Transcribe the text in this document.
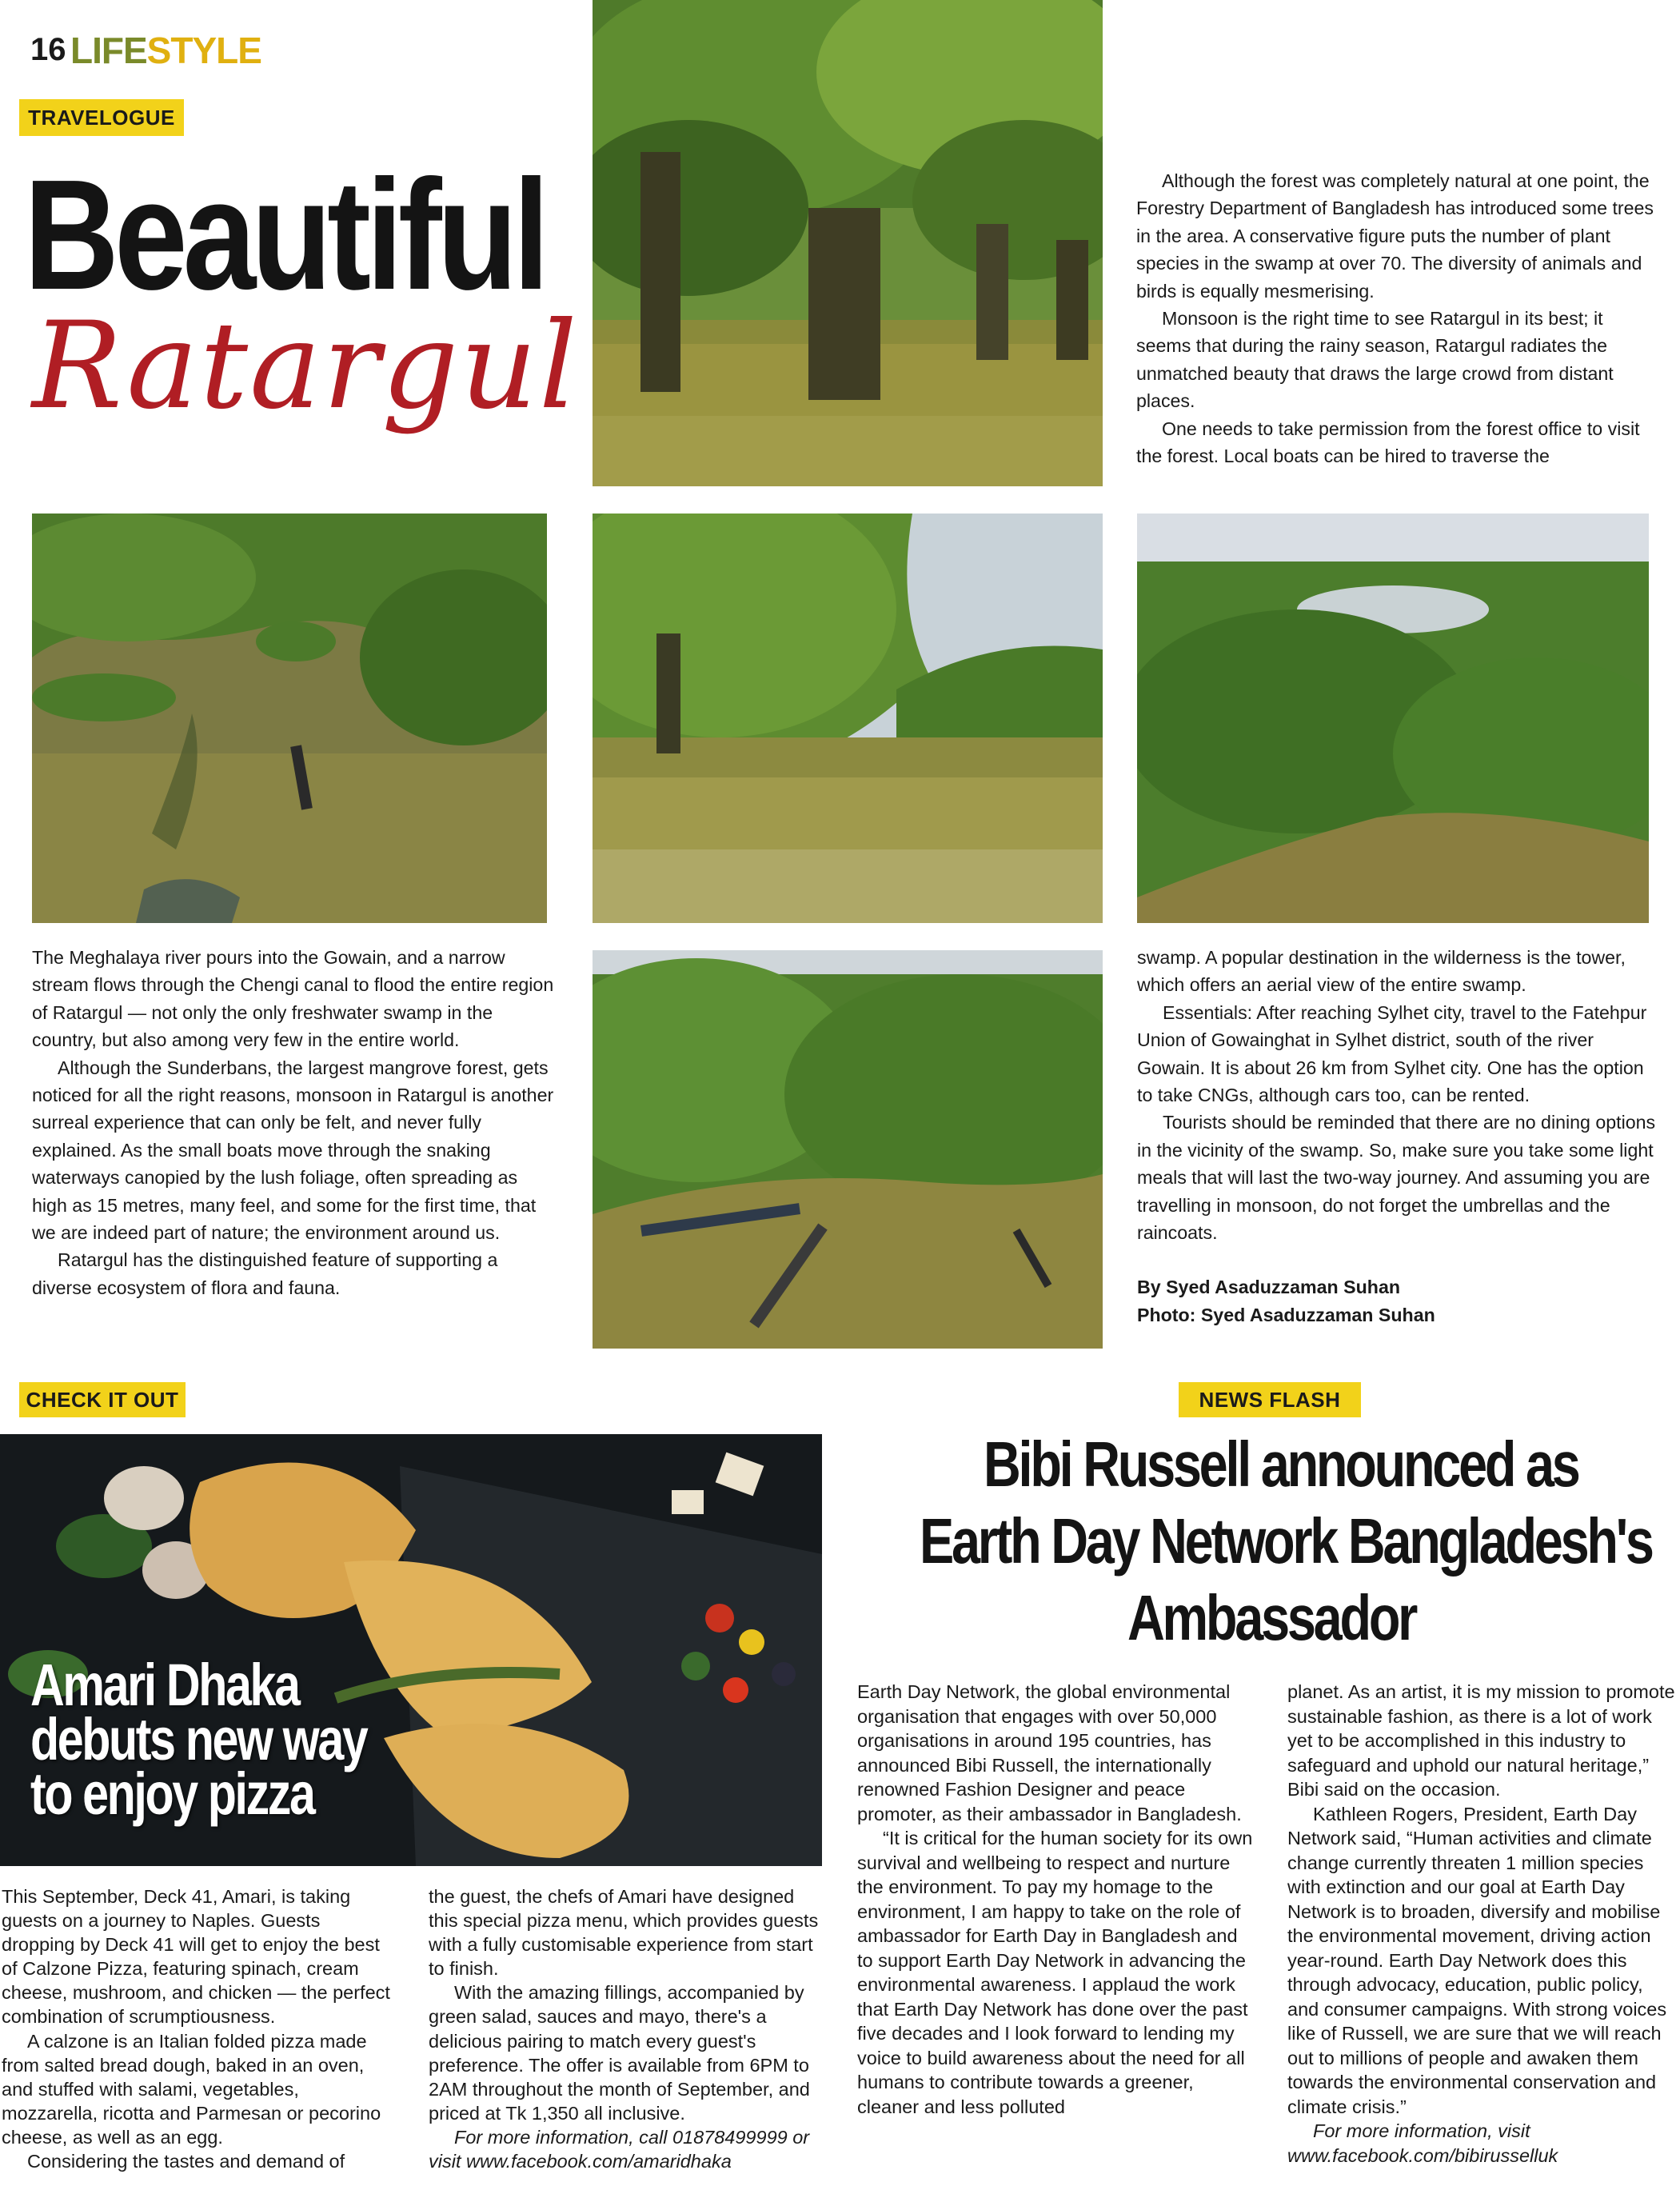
16 LIFESTYLE
TRAVELOGUE
Beautiful
Ratargul

Although the forest was completely natural at one point, the Forestry Department of Bangladesh has introduced some trees in the area. A conservative figure puts the number of plant species in the swamp at over 70. The diversity of animals and birds is equally mesmerising.

Monsoon is the right time to see Ratargul in its best; it seems that during the rainy season, Ratargul radiates the unmatched beauty that draws the large crowd from distant places.

One needs to take permission from the forest office to visit the forest. Local boats can be hired to traverse the

The Meghalaya river pours into the Gowain, and a narrow stream flows through the Chengi canal to flood the entire region of Ratargul — not only the only freshwater swamp in the country, but also among very few in the entire world.

Although the Sunderbans, the largest mangrove forest, gets noticed for all the right reasons, monsoon in Ratargul is another surreal experience that can only be felt, and never fully explained. As the small boats move through the snaking waterways canopied by the lush foliage, often spreading as high as 15 metres, many feel, and some for the first time, that we are indeed part of nature; the environment around us.

Ratargul has the distinguished feature of supporting a diverse ecosystem of flora and fauna.

swamp. A popular destination in the wilderness is the tower, which offers an aerial view of the entire swamp.

Essentials: After reaching Sylhet city, travel to the Fatehpur Union of Gowainghat in Sylhet district, south of the river Gowain. It is about 26 km from Sylhet city. One has the option to take CNGs, although cars too, can be rented.

Tourists should be reminded that there are no dining options in the vicinity of the swamp. So, make sure you take some light meals that will last the two-way journey. And assuming you are travelling in monsoon, do not forget the umbrellas and the raincoats.

By Syed Asaduzzaman Suhan

Photo: Syed Asaduzzaman Suhan

CHECK IT OUT
Amari Dhaka
debuts new way
to enjoy pizza

This September, Deck 41, Amari, is taking guests on a journey to Naples. Guests dropping by Deck 41 will get to enjoy the best of Calzone Pizza, featuring spinach, cream cheese, mushroom, and chicken — the perfect combination of scrumptiousness.

A calzone is an Italian folded pizza made from salted bread dough, baked in an oven, and stuffed with salami, vegetables, mozzarella, ricotta and Parmesan or pecorino cheese, as well as an egg.

Considering the tastes and demand of

the guest, the chefs of Amari have designed this special pizza menu, which provides guests with a fully customisable experience from start to finish.

With the amazing fillings, accompanied by green salad, sauces and mayo, there's a delicious pairing to match every guest's preference. The offer is available from 6PM to 2AM throughout the month of September, and priced at Tk 1,350 all inclusive.

For more information, call 01878499999 or visit www.facebook.com/amaridhaka

NEWS FLASH
Bibi Russell announced as
Earth Day Network Bangladesh's
Ambassador

Earth Day Network, the global environmental organisation that engages with over 50,000 organisations in around 195 countries, has announced Bibi Russell, the internationally renowned Fashion Designer and peace promoter, as their ambassador in Bangladesh.

“It is critical for the human society for its own survival and wellbeing to respect and nurture the environment. To pay my homage to the environment, I am happy to take on the role of ambassador for Earth Day in Bangladesh and to support Earth Day Network in advancing the environmental awareness. I applaud the work that Earth Day Network has done over the past five decades and I look forward to lending my voice to build awareness about the need for all humans to contribute towards a greener, cleaner and less polluted

planet. As an artist, it is my mission to promote sustainable fashion, as there is a lot of work yet to be accomplished in this industry to safeguard and uphold our natural heritage,” Bibi said on the occasion.

Kathleen Rogers, President, Earth Day Network said, “Human activities and climate change currently threaten 1 million species with extinction and our goal at Earth Day Network is to broaden, diversify and mobilise the environmental movement, driving action year-round. Earth Day Network does this through advocacy, education, public policy, and consumer campaigns. With strong voices like of Russell, we are sure that we will reach out to millions of people and awaken them towards the environmental conservation and climate crisis.”

For more information, visit www.facebook.com/bibirusselluk
